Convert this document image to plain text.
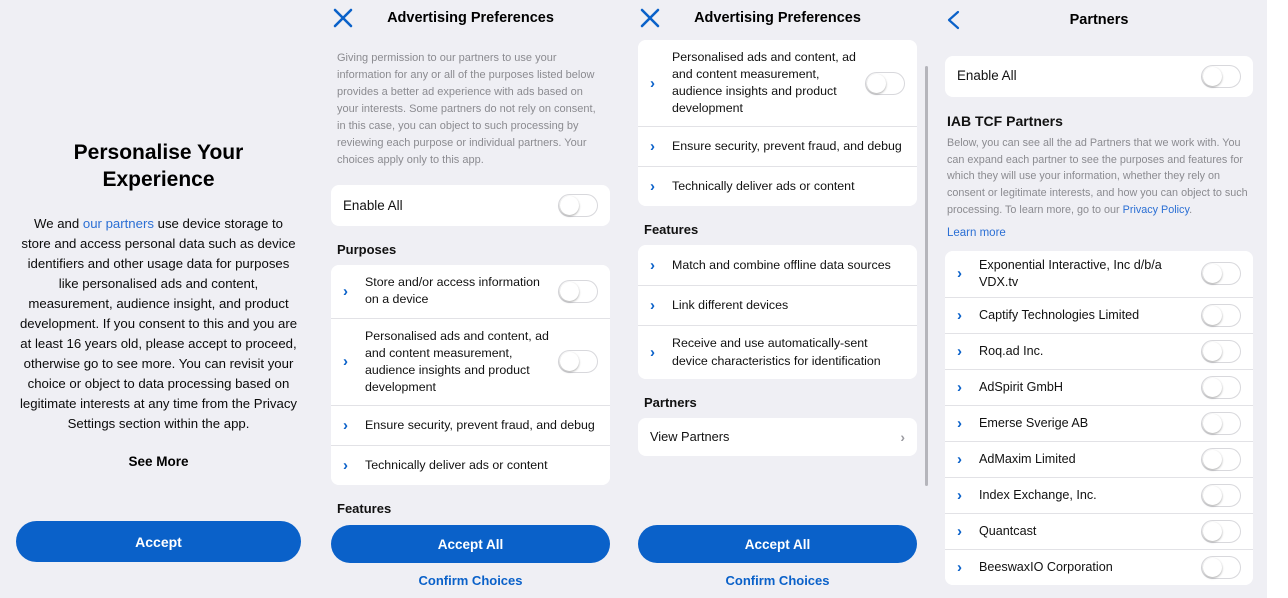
Personalise Your Experience

We and our partners use device storage to store and access personal data such as device identifiers and other usage data for purposes like personalised ads and content, measurement, audience insight, and product development. If you consent to this and you are at least 16 years old, please accept to proceed, otherwise go to see more. You can revisit your choice or object to data processing based on legitimate interests at any time from the Privacy Settings section within the app.

See More
Accept
Advertising Preferences
Giving permission to our partners to use your information for any or all of the purposes listed below provides a better ad experience with ads based on your interests. Some partners do not rely on consent, in this case, you can object to such processing by reviewing each purpose or individual partners. Your choices apply only to this app.
Enable All
Purposes
›
Store and/or access information on a device
›
Personalised ads and content, ad and content measurement, audience insights and product development
›	Ensure security, prevent fraud, and debug
›	Technically deliver ads or content
Features
Accept All
Confirm Choices
Advertising Preferences
›
Personalised ads and content, ad and content measurement, audience insights and product development
›	Ensure security, prevent fraud, and debug
›	Technically deliver ads or content
Features
›	Match and combine offline data sources
›	Link different devices
›
Receive and use automatically-sent device characteristics for identification
Partners
View Partners	›
Accept All
Confirm Choices
Partners
Enable All
IAB TCF Partners

Below, you can see all the ad Partners that we work with. You can expand each partner to see the purposes and features for which they will use your information, whether they rely on consent or legitimate interests, and how you can object to such processing. To learn more, go to our Privacy Policy.

Learn more
›
Exponential Interactive, Inc d/b/a VDX.tv
›	Captify Technologies Limited
›	Roq.ad Inc.
›	AdSpirit GmbH
›	Emerse Sverige AB
›	AdMaxim Limited
›	Index Exchange, Inc.
›	Quantcast
›	BeeswaxIO Corporation
